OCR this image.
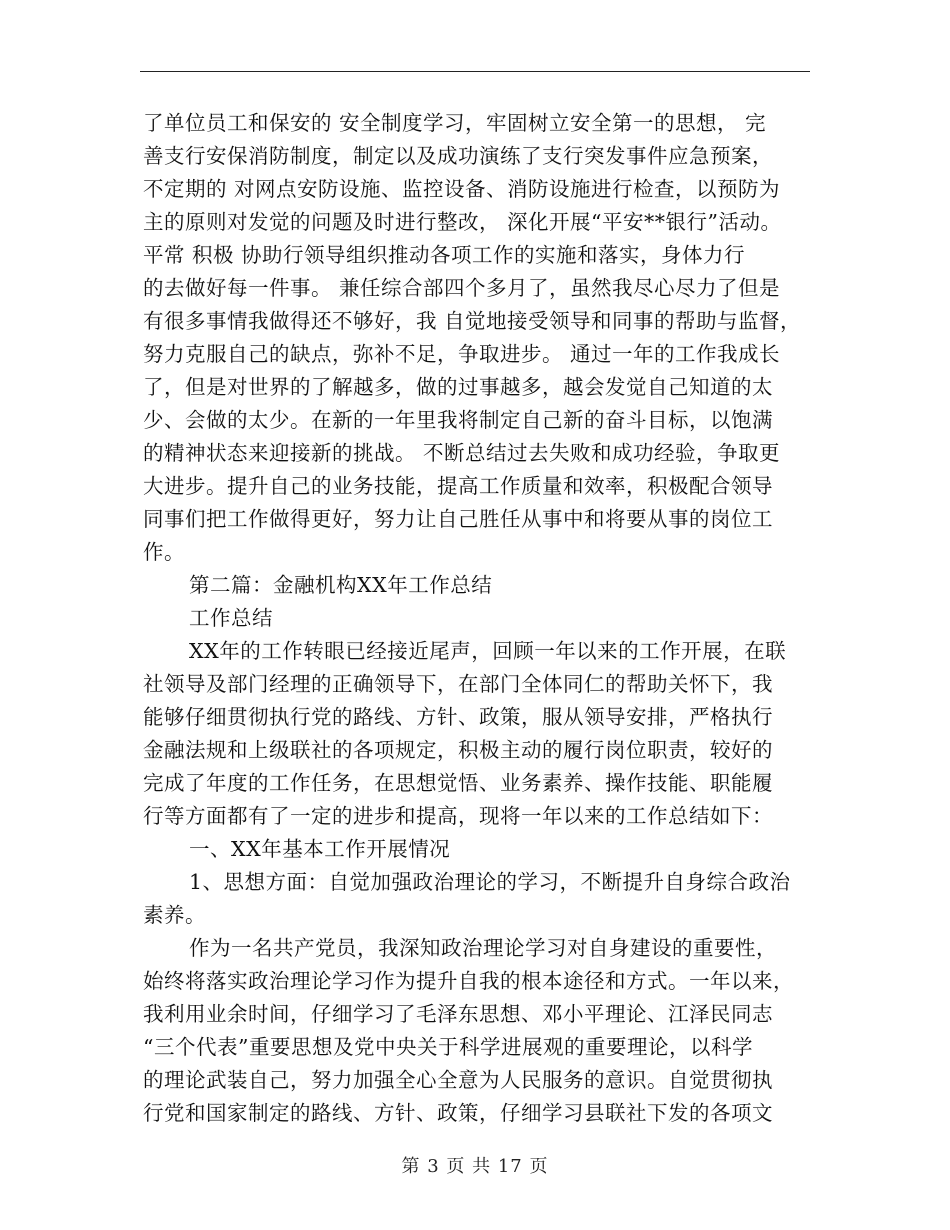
了单位员工和保安的 安全制度学习，牢固树立安全第一的思想， 完
善支行安保消防制度，制定以及成功演练了支行突发事件应急预案，
不定期的 对网点安防设施、监控设备、消防设施进行检查，以预防为
主的原则对发觉的问题及时进行整改， 深化开展“平安**银行”活动。
平常 积极 协助行领导组织推动各项工作的实施和落实，身体力行
的去做好每一件事。 兼任综合部四个多月了，虽然我尽心尽力了但是
有很多事情我做得还不够好，我 自觉地接受领导和同事的帮助与监督，
努力克服自己的缺点，弥补不足，争取进步。 通过一年的工作我成长
了，但是对世界的了解越多，做的过事越多，越会发觉自己知道的太
少、会做的太少。在新的一年里我将制定自己新的奋斗目标，以饱满
的精神状态来迎接新的挑战。 不断总结过去失败和成功经验，争取更
大进步。提升自己的业务技能，提高工作质量和效率，积极配合领导
同事们把工作做得更好，努力让自己胜任从事中和将要从事的岗位工
作。
第二篇：金融机构XX年工作总结
工作总结
XX年的工作转眼已经接近尾声，回顾一年以来的工作开展，在联
社领导及部门经理的正确领导下，在部门全体同仁的帮助关怀下，我
能够仔细贯彻执行党的路线、方针、政策，服从领导安排，严格执行
金融法规和上级联社的各项规定，积极主动的履行岗位职责，较好的
完成了年度的工作任务，在思想觉悟、业务素养、操作技能、职能履
行等方面都有了一定的进步和提高，现将一年以来的工作总结如下：
一、XX年基本工作开展情况
1、思想方面：自觉加强政治理论的学习，不断提升自身综合政治
素养。
作为一名共产党员，我深知政治理论学习对自身建设的重要性，
始终将落实政治理论学习作为提升自我的根本途径和方式。一年以来，
我利用业余时间，仔细学习了毛泽东思想、邓小平理论、江泽民同志
“三个代表”重要思想及党中央关于科学进展观的重要理论，以科学
的理论武装自己，努力加强全心全意为人民服务的意识。自觉贯彻执
行党和国家制定的路线、方针、政策，仔细学习县联社下发的各项文
第 3 页 共 17 页
